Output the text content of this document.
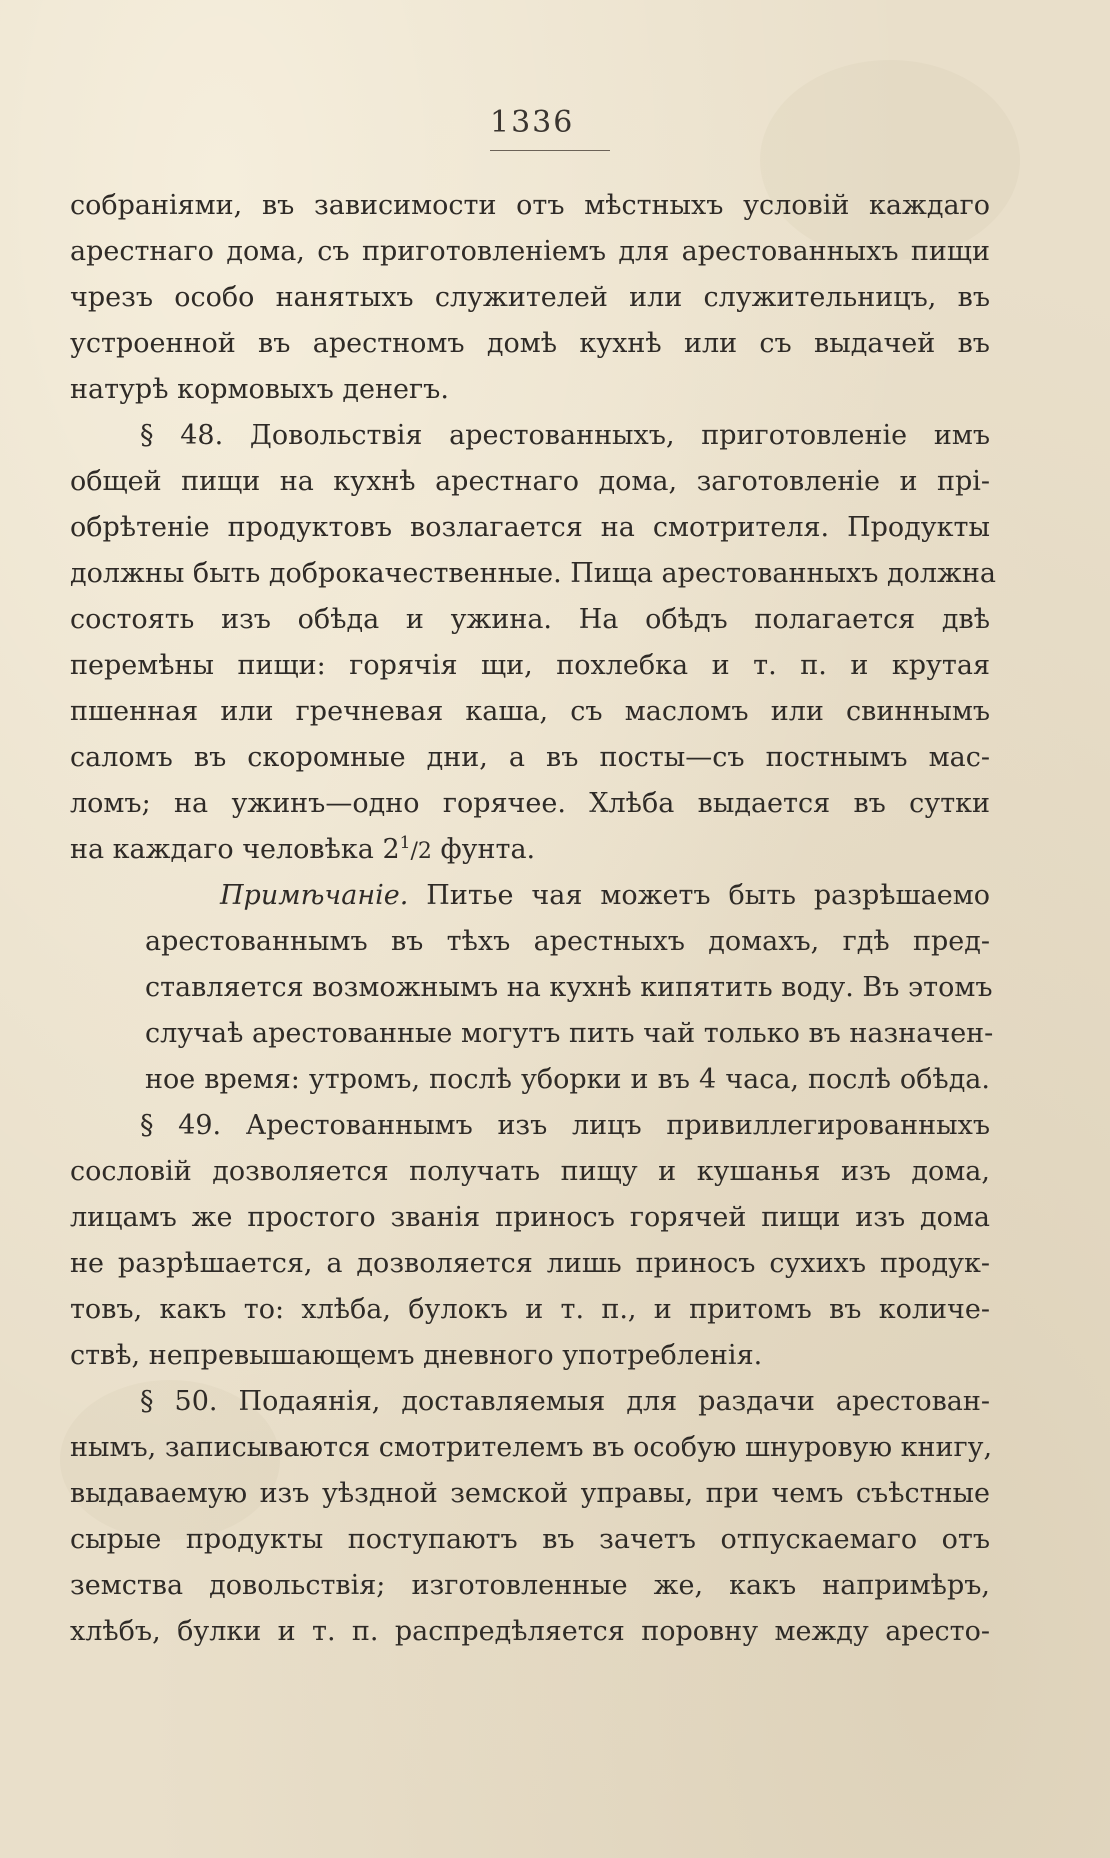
1336
собраніями, въ зависимости отъ мѣстныхъ условій каждаго
арестнаго дома, съ приготовленіемъ для арестованныхъ пищи
чрезъ особо нанятыхъ служителей или служительницъ, въ
устроенной въ арестномъ домѣ кухнѣ или съ выдачей въ
натурѣ кормовыхъ денегъ.
§ 48. Довольствія арестованныхъ, приготовленіе имъ
общей пищи на кухнѣ арестнаго дома, заготовленіе и прі-
обрѣтеніе продуктовъ возлагается на смотрителя. Продукты
должны быть доброкачественные. Пища арестованныхъ должна
состоять изъ обѣда и ужина. На обѣдъ полагается двѣ
перемѣны пищи: горячія щи, похлебка и т. п. и крутая
пшенная или гречневая каша, съ масломъ или свиннымъ
саломъ въ скоромные дни, а въ посты—съ постнымъ мас-
ломъ; на ужинъ—одно горячее. Хлѣба выдается въ сутки
на каждаго человѣка $2^1/2$ фунта.
Примѣчаніе. Питье чая можетъ быть разрѣшаемо
арестованнымъ въ тѣхъ арестныхъ домахъ, гдѣ пред-
ставляется возможнымъ на кухнѣ кипятить воду. Въ этомъ
случаѣ арестованные могутъ пить чай только въ назначен-
ное время: утромъ, послѣ уборки и въ 4 часа, послѣ обѣда.
§ 49. Арестованнымъ изъ лицъ привиллегированныхъ
сословій дозволяется получать пищу и кушанья изъ дома,
лицамъ же простого званія приносъ горячей пищи изъ дома
не разрѣшается, а дозволяется лишь приносъ сухихъ продук-
товъ, какъ то: хлѣба, булокъ и т. п., и притомъ въ количе-
ствѣ, непревышающемъ дневного употребленія.
§ 50. Подаянія, доставляемыя для раздачи арестован-
нымъ, записываются смотрителемъ въ особую шнуровую книгу,
выдаваемую изъ уѣздной земской управы, при чемъ съѣстные
сырые продукты поступаютъ въ зачетъ отпускаемаго отъ
земства довольствія; изготовленные же, какъ напримѣръ,
хлѣбъ, булки и т. п. распредѣляется поровну между аресто-
